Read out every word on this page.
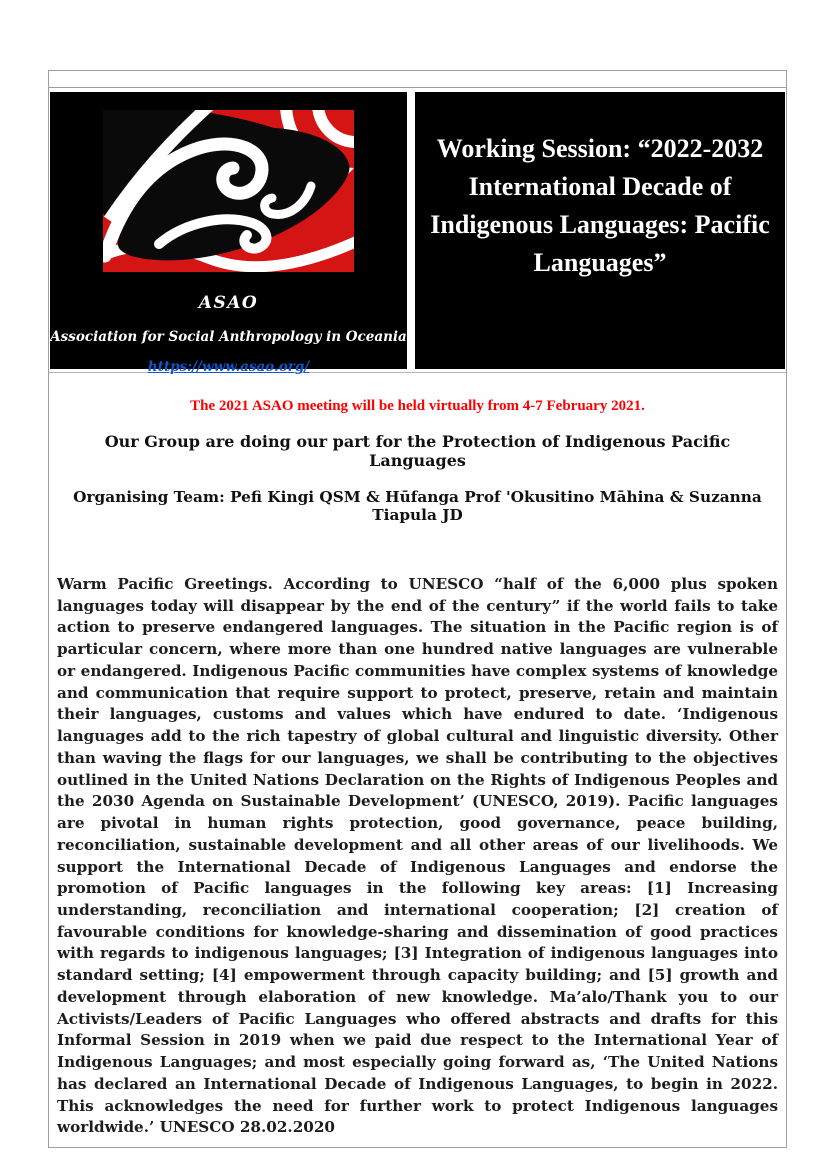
ASAO
Association for Social Anthropology in Oceania
https://www.asao.org/
Working Session: “2022-2032 International Decade of Indigenous Languages: Pacific Languages”
The 2021 ASAO meeting will be held virtually from 4-7 February 2021.
Our Group are doing our part for the Protection of Indigenous Pacific Languages
Organising Team: Pefi Kingi QSM & Hūfanga Prof 'Okusitino Māhina & Suzanna Tiapula JD
Warm Pacific Greetings. According to UNESCO “half of the 6,000 plus spoken languages today will disappear by the end of the century” if the world fails to take action to preserve endangered languages. The situation in the Pacific region is of particular concern, where more than one hundred native languages are vulnerable or endangered. Indigenous Pacific communities have complex systems of knowledge and communication that require support to protect, preserve, retain and maintain their languages, customs and values which have endured to date. ‘Indigenous languages add to the rich tapestry of global cultural and linguistic diversity. Other than waving the flags for our languages, we shall be contributing to the objectives outlined in the United Nations Declaration on the Rights of Indigenous Peoples and the 2030 Agenda on Sustainable Development’ (UNESCO, 2019). Pacific languages are pivotal in human rights protection, good governance, peace building, reconciliation, sustainable development and all other areas of our livelihoods. We support the International Decade of Indigenous Languages and endorse the promotion of Pacific languages in the following key areas: [1] Increasing understanding, reconciliation and international cooperation; [2] creation of favourable conditions for knowledge-sharing and dissemination of good practices with regards to indigenous languages; [3] Integration of indigenous languages into standard setting; [4] empowerment through capacity building; and [5] growth and development through elaboration of new knowledge. Ma’alo/Thank you to our Activists/Leaders of Pacific Languages who offered abstracts and drafts for this Informal Session in 2019 when we paid due respect to the International Year of Indigenous Languages; and most especially going forward as, ‘The United Nations has declared an International Decade of Indigenous Languages, to begin in 2022. This acknowledges the need for further work to protect Indigenous languages worldwide.’ UNESCO 28.02.2020
